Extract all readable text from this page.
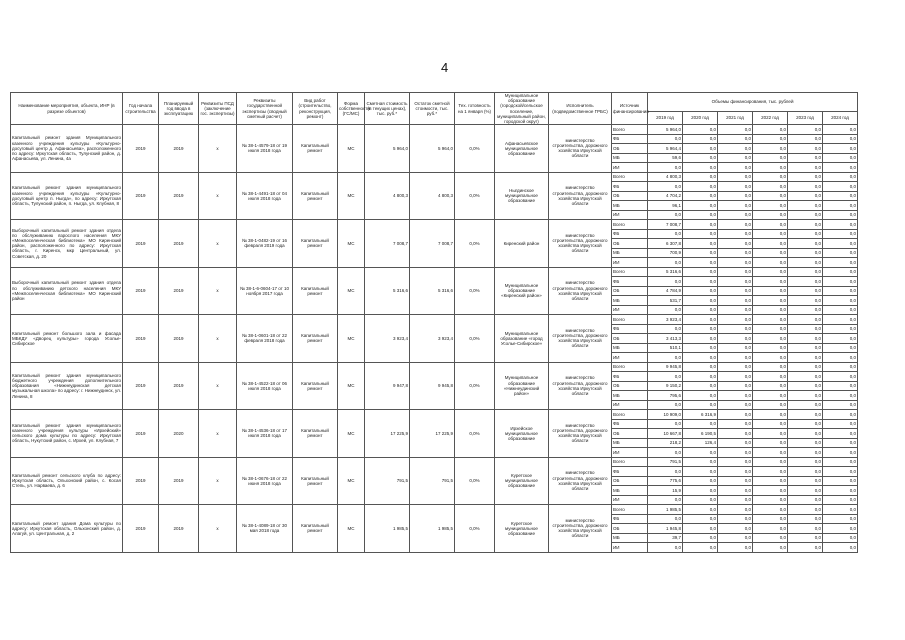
4
Наименование мероприятия, объекта, ИНР (в разрезе объектов)	Год начала строительства	Планируемый год ввода в эксплуатацию	Реквизиты ПСД (заключение гос. экспертизы)	Реквизиты государственной экспертизы (сводный сметный расчет)	Вид работ (строительство, реконструкция, ремонт)	Форма собственности (ГС/МС)	Сметная стоимость (в текущих ценах), тыс. руб.*	Остаток сметной стоимости, тыс. руб.*	Тех. готовность на 1 января (%)	Муниципальное образование (городской/сельское поселение, муниципальный район, городской округ)	Исполнитель (подведомственное ГРБС)	Источник финансирования	Объемы финансирования, тыс. рублей					
													2019 год	2020 год	2021 год	2022 год	2023 год	2024 год
Капитальный ремонт здания Муниципального казенного учреждения культуры «Культурно-досуговый центр д. Афанасьева», расположенного по адресу: Иркутская область, Тулунский район, д. Афанасьева, ул. Ленина, 4а	2019	2019	х	№ 38-1-4579-18 от 19 июля 2018 года	Капитальный ремонт	МС	5 964,0	5 964,0	0,0%	Афанасьевское муниципальное образование	министерство строительства, дорожного хозяйства Иркутской области	Всего	5 964,0	0,0	0,0	0,0	0,0	0,0
												ФБ	0,0	0,0	0,0	0,0	0,0	0,0
												ОБ	5 964,4	0,0	0,0	0,0	0,0	0,0
												МБ	59,6	0,0	0,0	0,0	0,0	0,0
												ИИ	0,0	0,0	0,0	0,0	0,0	0,0
Капитальный ремонт здания муниципального казенного учреждения культуры «Культурно-досуговый центр п. Ныгда», по адресу: Иркутская область, Тулунский район, п. Ныгда, ул. Клубная, 8	2019	2019	х	№ 38-1-4491-18 от 04 июля 2018 года	Капитальный ремонт	МС	4 800,3	4 800,3	0,0%	Ныгдинское муниципальное образование	министерство строительства, дорожного хозяйства Иркутской области	Всего	4 800,3	0,0	0,0	0,0	0,0	0,0
												ФБ	0,0	0,0	0,0	0,0	0,0	0,0
												ОБ	4 704,2	0,0	0,0	0,0	0,0	0,0
												МБ	96,1	0,0	0,0	0,0	0,0	0,0
												ИИ	0,0	0,0	0,0	0,0	0,0	0,0
Выборочный капитальный ремонт здания отдела по обслуживанию взрослого населения МКУ «Межпоселенческая библиотека» МО Киренский район, расположенного по адресу: Иркутская область, г. Киренск, мкр Центральный, ул. Советская, д. 20	2019	2019	х	№ 38-1-0482-19 от 16 февраля 2019 года	Капитальный ремонт	МС	7 008,7	7 008,7	0,0%	Киренский район	министерство строительства, дорожного хозяйства Иркутской области	Всего	7 008,7	0,0	0,0	0,0	0,0	0,0
												ФБ	0,0	0,0	0,0	0,0	0,0	0,0
												ОБ	6 307,8	0,0	0,0	0,0	0,0	0,0
												МБ	700,9	0,0	0,0	0,0	0,0	0,0
												ИИ	0,0	0,0	0,0	0,0	0,0	0,0
Выборочный капитальный ремонт здания отдела по обслуживанию детского населения МКУ «Межпоселенческая библиотека» МО Киренский район	2019	2019	х	№ 38-1-6-0604-17 от 10 ноября 2017 года	Капитальный ремонт	МС	5 316,6	5 316,6	0,0%	Муниципальное образование «Киренский район»	министерство строительства, дорожного хозяйства Иркутской области	Всего	5 316,6	0,0	0,0	0,0	0,0	0,0
												ФБ	0,0	0,0	0,0	0,0	0,0	0,0
												ОБ	4 784,9	0,0	0,0	0,0	0,0	0,0
												МБ	531,7	0,0	0,0	0,0	0,0	0,0
												ИИ	0,0	0,0	0,0	0,0	0,0	0,0
Капитальный ремонт большого зала и фасада МБКДУ «Дворец культуры» города Усолье-Сибирское	2019	2019	х	№ 38-1-0601-18 от 22 февраля 2018 года	Капитальный ремонт	МС	3 923,4	3 923,4	0,0%	Муниципальное образование «город Усолье-Сибирское»	министерство строительства, дорожного хозяйства Иркутской области	Всего	3 923,4	0,0	0,0	0,0	0,0	0,0
												ФБ	0,0	0,0	0,0	0,0	0,0	0,0
												ОБ	3 413,3	0,0	0,0	0,0	0,0	0,0
												МБ	510,1	0,0	0,0	0,0	0,0	0,0
												ИИ	0,0	0,0	0,0	0,0	0,0	0,0
Капитальный ремонт здания муниципального бюджетного учреждения дополнительного образования «Нижнеудинская детская музыкальная школа» по адресу: г. Нижнеудинск, ул. Ленина, 8	2019	2019	х	№ 38-1-4522-18 от 06 июля 2018 года	Капитальный ремонт	МС	9 947,8	9 945,8	0,0%	Муниципальное образование «Нижнеудинский район»	министерство строительства, дорожного хозяйства Иркутской области	Всего	9 945,8	0,0	0,0	0,0	0,0	0,0
												ФБ	0,0	0,0	0,0	0,0	0,0	0,0
												ОБ	9 150,2	0,0	0,0	0,0	0,0	0,0
												МБ	795,6	0,0	0,0	0,0	0,0	0,0
												ИИ	0,0	0,0	0,0	0,0	0,0	0,0
Капитальный ремонт здания муниципального казенного учреждения культуры «Ирхейский» сельского дома культуры по адресу: Иркутская область, Нукутский район, с. Ирхей, ул. Клубная, 7	2019	2020	х	№ 38-1-4536-18 от 17 июля 2018 года	Капитальный ремонт	МС	17 225,9	17 225,9	0,0%	Ирхейское муниципальное образование	министерство строительства, дорожного хозяйства Иркутской области	Всего	10 909,0	6 316,9	0,0	0,0	0,0	0,0
												ФБ	0,0	0,0	0,0	0,0	0,0	0,0
												ОБ	10 667,8	6 190,5	0,0	0,0	0,0	0,0
												МБ	218,2	126,4	0,0	0,0	0,0	0,0
												ИИ	0,0	0,0	0,0	0,0	0,0	0,0
Капитальный ремонт сельского клуба по адресу: Иркутская область, Ольхонский район, с. Косая Степь, ул. Нарваева, д. 6	2019	2019	х	№ 38-1-0676-18 от 22 июня 2018 года	Капитальный ремонт	МС	791,5	791,5	0,0%	Куретское муниципальное образование	министерство строительства, дорожного хозяйства Иркутской области	Всего	791,5	0,0	0,0	0,0	0,0	0,0
												ФБ	0,0	0,0	0,0	0,0	0,0	0,0
												ОБ	775,6	0,0	0,0	0,0	0,0	0,0
												МБ	15,9	0,0	0,0	0,0	0,0	0,0
												ИИ	0,0	0,0	0,0	0,0	0,0	0,0
Капитальный ремонт здания Дома культуры по адресу: Иркутская область, Ольхонский район, д. Алагуй, ул. Центральная, д. 2	2019	2019	х	№ 38-1-4089-18 от 30 мая 2018 года	Капитальный ремонт	МС	1 985,5	1 985,5	0,0%	Куретское муниципальное образование	министерство строительства, дорожного хозяйства Иркутской области	Всего	1 985,5	0,0	0,0	0,0	0,0	0,0
												ФБ	0,0	0,0	0,0	0,0	0,0	0,0
												ОБ	1 945,8	0,0	0,0	0,0	0,0	0,0
												МБ	39,7	0,0	0,0	0,0	0,0	0,0
												ИИ	0,0	0,0	0,0	0,0	0,0	0,0
